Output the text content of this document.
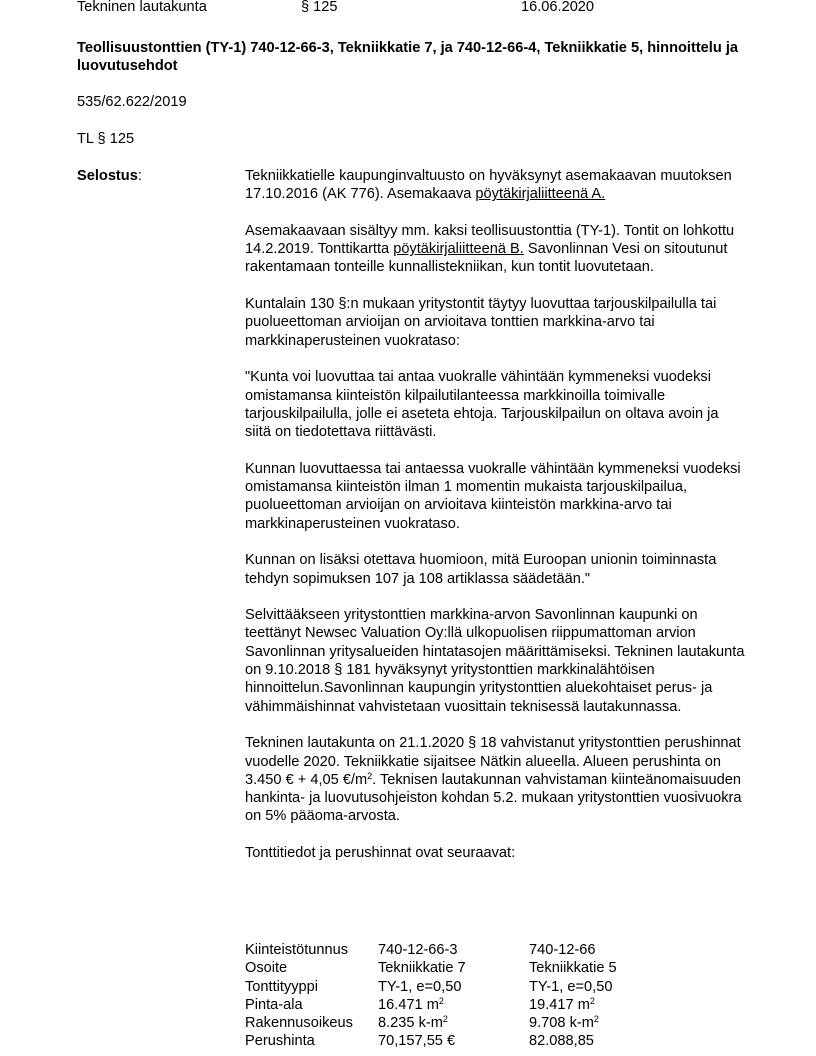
Tekninen lautakunta	§ 125	16.06.2020
Teollisuustonttien (TY-1) 740-12-66-3, Tekniikkatie 7, ja 740-12-66-4, Tekniikkatie 5, hinnoittelu ja luovutusehdot
535/62.622/2019
TL § 125
Selostus:	Tekniikkatielle kaupunginvaltuusto on hyväksynyt asemakaavan muutoksen 17.10.2016 (AK 776). Asemakaava pöytäkirjaliitteenä A.

Asemakaavaan sisältyy mm. kaksi teollisuustonttia (TY-1). Tontit on lohkottu 14.2.2019. Tonttikartta pöytäkirjaliitteenä B. Savonlinnan Vesi on sitoutunut rakentamaan tonteille kunnallistekniikan, kun tontit luovutetaan.

Kuntalain 130 §:n mukaan yritystontit täytyy luovuttaa tarjouskilpailulla tai puolueettoman arvioijan on arvioitava tonttien markkina-arvo tai markkinaperusteinen vuokrataso:

"Kunta voi luovuttaa tai antaa vuokralle vähintään kymmeneksi vuodeksi omistamansa kiinteistön kilpailutilanteessa markkinoilla toimivalle tarjouskilpailulla, jolle ei aseteta ehtoja. Tarjouskilpailun on oltava avoin ja siitä on tiedotettava riittävästi.

Kunnan luovuttaessa tai antaessa vuokralle vähintään kymmeneksi vuodeksi omistamansa kiinteistön ilman 1 momentin mukaista tarjouskilpailua, puolueettoman arvioijan on arvioitava kiinteistön markkina-arvo tai markkinaperusteinen vuokrataso.

Kunnan on lisäksi otettava huomioon, mitä Euroopan unionin toiminnasta tehdyn sopimuksen 107 ja 108 artiklassa säädetään."

Selvittääkseen yritystonttien markkina-arvon Savonlinnan kaupunki on teettänyt Newsec Valuation Oy:llä ulkopuolisen riippumattoman arvion Savonlinnan yritysalueiden hintatasojen määrittämiseksi. Tekninen lautakunta on 9.10.2018 § 181 hyväksynyt yritystonttien markkinalähtöisen hinnoittelun.Savonlinnan kaupungin yritystonttien aluekohtaiset perus- ja vähimmäishinnat vahvistetaan vuosittain teknisessä lautakunnassa.

Tekninen lautakunta on 21.1.2020 § 18 vahvistanut yritystonttien perushinnat vuodelle 2020. Tekniikkatie sijaitsee Nätkin alueella. Alueen perushinta on 3.450 € + 4,05 $€/m^2$. Teknisen lautakunnan vahvistaman kiinteänomaisuuden hankinta- ja luovutusohjeiston kohdan 5.2. mukaan yritystonttien vuosivuokra on 5% pääoma-arvosta.

Tonttitiedot ja perushinnat ovat seuraavat:

Kiinteistötunnus	740-12-66-3	740-12-66
Osoite	Tekniikkatie 7	Tekniikkatie 5
Tonttityyppi	TY-1, e=0,50	TY-1, e=0,50
Pinta-ala	16.471 $m^2$	19.417 $m^2$
Rakennusoikeus	8.235 $k-m^2$	9.708 $k-m^2$
Perushinta	70,157,55 €	82.088,85
